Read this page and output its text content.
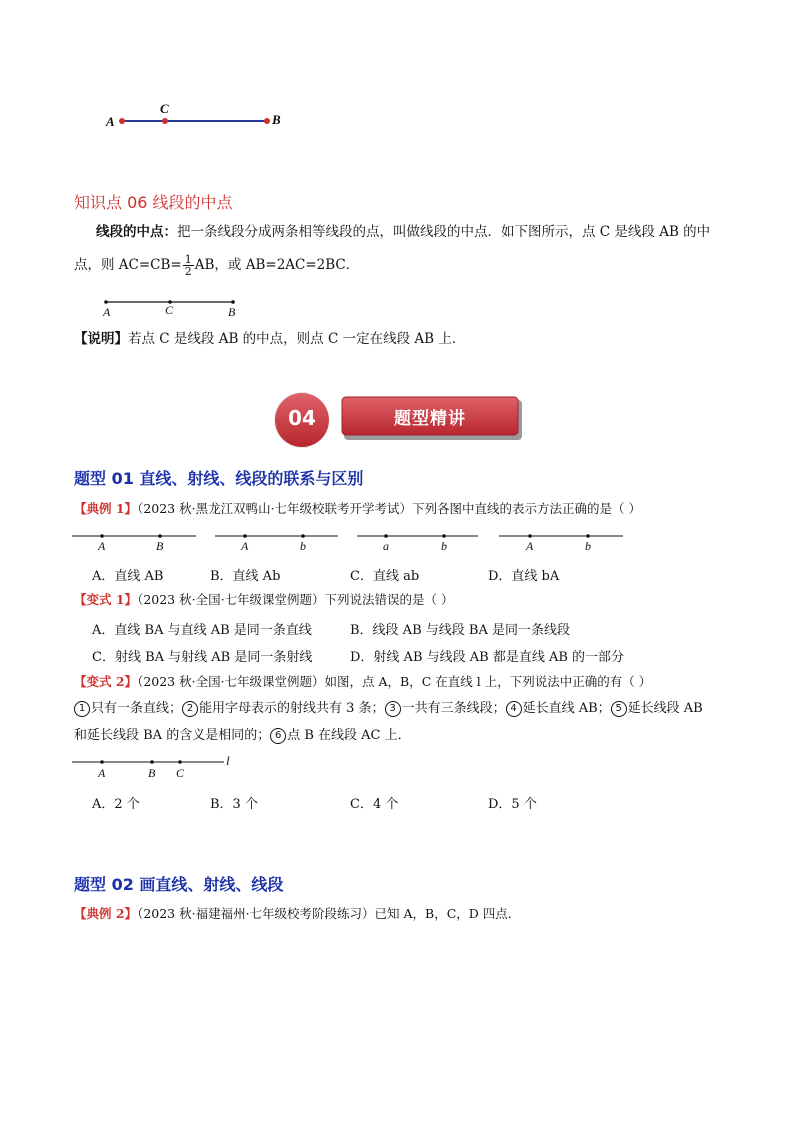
A
C
B
知识点 06 线段的中点
线段的中点：把一条线段分成两条相等线段的点，叫做线段的中点．如下图所示，点 C 是线段 AB 的中
点，则 $AC=CB= \frac{1}{2}$ AB，或 AB=2AC=2BC．
A	C	B
【说明】若点 C 是线段 AB 的中点，则点 C 一定在线段 AB 上．
04	题型精讲
题型 01 直线、射线、线段的联系与区别
【典例 1】（2023 秋·黑龙江双鸭山·七年级校联考开学考试）下列各图中直线的表示方法正确的是（ ）
A	B	A	b	a	b	A	b
A．直线 AB	B．直线 Ab	C．直线 ab	D．直线 bA
【变式 1】（2023 秋·全国·七年级课堂例题）下列说法错误的是（ ）
A．直线 BA 与直线 AB 是同一条直线	B．线段 AB 与线段 BA 是同一条线段
C．射线 BA 与射线 AB 是同一条射线	D．射线 AB 与线段 AB 都是直线 AB 的一部分
【变式 2】（2023 秋·全国·七年级课堂例题）如图，点 A，B，C 在直线 l 上，下列说法中正确的有（ ）
1 只有一条直线； 2 能用字母表示的射线共有 3 条； 3 一共有三条线段； 4 延长直线 AB； 5 延长线段 AB
和延长线段 BA 的含义是相同的； 6 点 B 在线段 AC 上．
A	B C
l
A．2 个	B．3 个	C．4 个	D．5 个
题型 02 画直线、射线、线段
【典例 2】（2023 秋·福建福州·七年级校考阶段练习）已知 A，B，C，D 四点．
